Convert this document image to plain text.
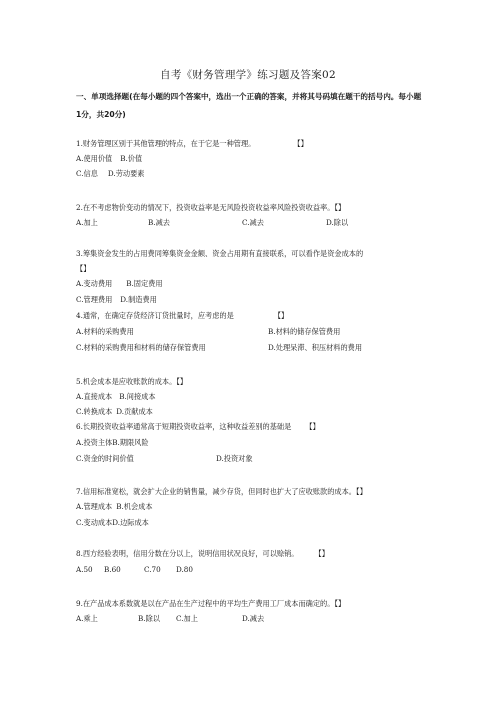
自考《财务管理学》练习题及答案02
一、单项选择题(在每小题的四个答案中，选出一个正确的答案，并将其号码填在题干的括号内。每小题1分，共20分)
1.财务管理区别于其他管理的特点，在于它是一种管理。	【】
A.使用价值 B.价值
C.信息 D.劳动要素
2.在不考虑物价变动的情况下，投资收益率是无风险投资收益率风险投资收益率。【】
A.加上	B.减去	C.减去	D.除以
3.筹集资金发生的占用费同筹集资金金额、资金占用期有直接联系，可以看作是资金成本的
【】
A.变动费用 B.固定费用
C.管理费用 D.制造费用
4.通常，在确定存货经济订货批量时，应考虑的是	【】
A.材料的采购费用	B.材料的储存保管费用
C.材料的采购费用和材料的储存保管费用	D.处理呆滞、积压材料的费用
5.机会成本是应收账款的成本。【】
A.直接成本 B.间接成本
C.转换成本 D.贡献成本
6.长期投资收益率通常高于短期投资收益率，这种收益差别的基础是 【】
A.投资主体B.期限风险
C.资金的时间价值	D.投资对象
7.信用标准宽松，就会扩大企业的销售量，减少存货，但同时也扩大了应收账款的成本。【】
A.管理成本 B.机会成本
C.变动成本D.边际成本
8.西方经验表明，信用分数在分以上，说明信用状况良好，可以赊销。 【】
A.50 B.60	C.70 D.80
9.在产品成本系数就是以在产品在生产过程中的平均生产费用工厂成本而确定的。【】
A.乘上	B.除以 C.加上	D.减去
